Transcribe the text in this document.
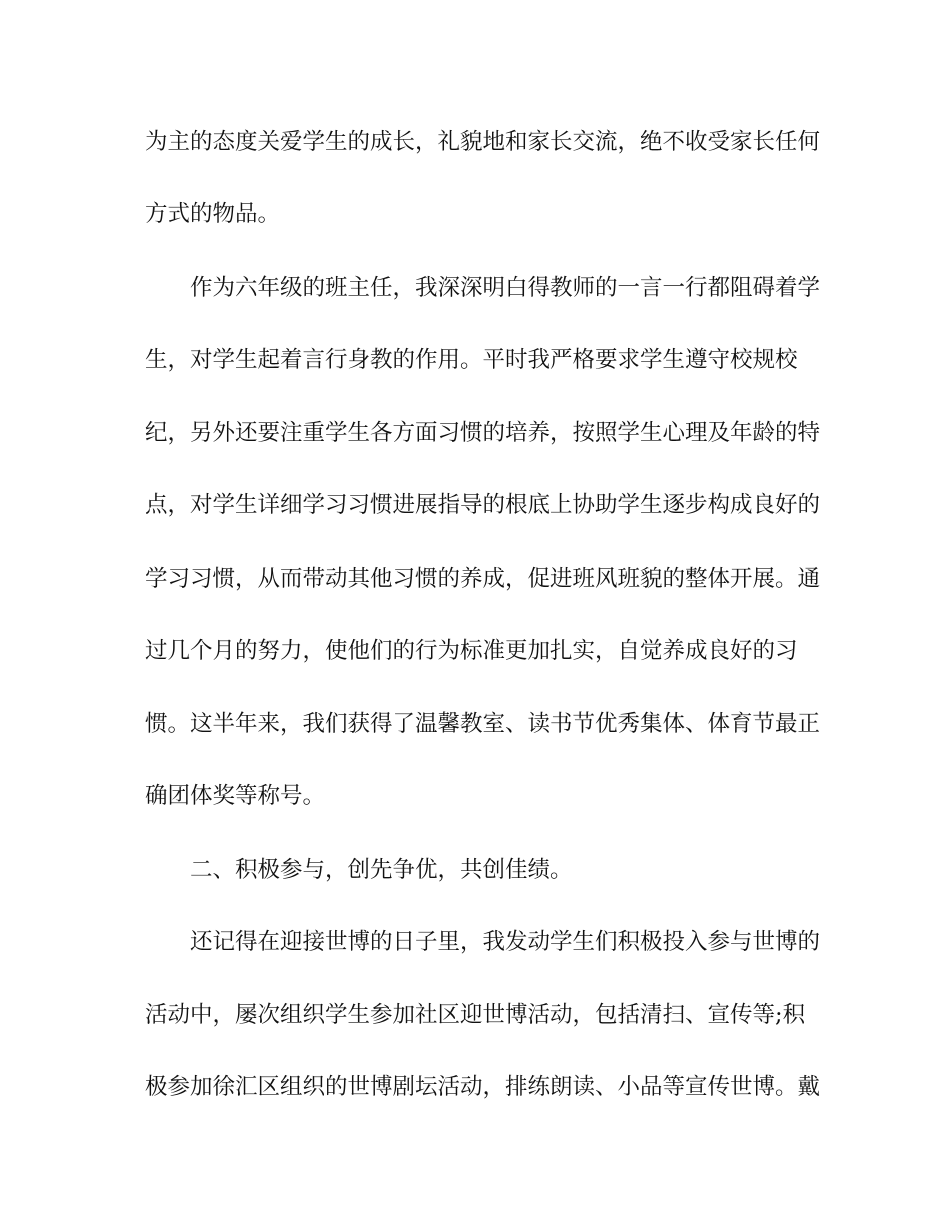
为主的态度关爱学生的成长，礼貌地和家长交流，绝不收受家长任何
方式的物品。
作为六年级的班主任，我深深明白得教师的一言一行都阻碍着学
生，对学生起着言行身教的作用。平时我严格要求学生遵守校规校
纪，另外还要注重学生各方面习惯的培养，按照学生心理及年龄的特
点，对学生详细学习习惯进展指导的根底上协助学生逐步构成良好的
学习习惯，从而带动其他习惯的养成，促进班风班貌的整体开展。通
过几个月的努力，使他们的行为标准更加扎实，自觉养成良好的习
惯。这半年来，我们获得了温馨教室、读书节优秀集体、体育节最正
确团体奖等称号。
二、积极参与，创先争优，共创佳绩。
还记得在迎接世博的日子里，我发动学生们积极投入参与世博的
活动中，屡次组织学生参加社区迎世博活动，包括清扫、宣传等;积
极参加徐汇区组织的世博剧坛活动，排练朗读、小品等宣传世博。戴
